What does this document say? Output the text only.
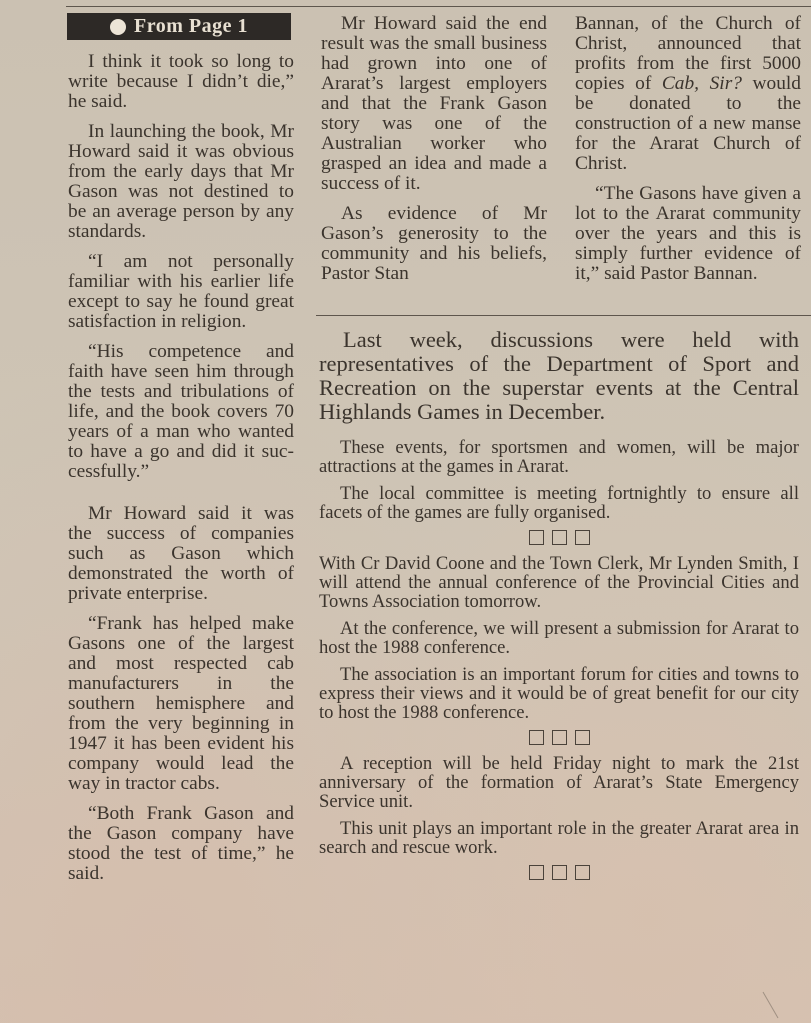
From Page 1

I think it took so long to write because I didn’t die,” he said.

In launching the book, Mr Howard said it was obvious from the early days that Mr Gason was not destined to be an average person by any standards.

“I am not personally familiar with his earlier life except to say he found great satisfaction in religion.

“His competence and faith have seen him through the tests and tribulations of life, and the book covers 70 years of a man who wanted to have a go and did it successfully.”

Mr Howard said it was the success of companies such as Gason which demonstrated the worth of private enterprise.

“Frank has helped make Gasons one of the largest and most respected cab manufacturers in the southern hemisphere and from the very beginning in 1947 it has been evident his company would lead the way in tractor cabs.

“Both Frank Gason and the Gason company have stood the test of time,” he said.

Mr Howard said the end result was the small business had grown into one of Ararat’s largest employers and that the Frank Gason story was one of the Australian worker who grasped an idea and made a success of it.

As evidence of Mr Gason’s generosity to the community and his beliefs, Pastor Stan

Bannan, of the Church of Christ, announced that profits from the first 5000 copies of Cab, Sir? would be donated to the construction of a new manse for the Ararat Church of Christ.

“The Gasons have given a lot to the Ararat community over the years and this is simply further evidence of it,” said Pastor Bannan.

Last week, discussions were held with representatives of the Department of Sport and Recreation on the superstar events at the Central Highlands Games in December.

These events, for sportsmen and women, will be major attractions at the games in Ararat.

The local committee is meeting fortnightly to ensure all facets of the games are fully organised.

With Cr David Coone and the Town Clerk, Mr Lynden Smith, I will attend the annual conference of the Provincial Cities and Towns Association tomorrow.

At the conference, we will present a submission for Ararat to host the 1988 conference.

The association is an important forum for cities and towns to express their views and it would be of great benefit for our city to host the 1988 conference.

A reception will be held Friday night to mark the 21st anniversary of the formation of Ararat’s State Emergency Service unit.

This unit plays an important role in the greater Ararat area in search and rescue work.
